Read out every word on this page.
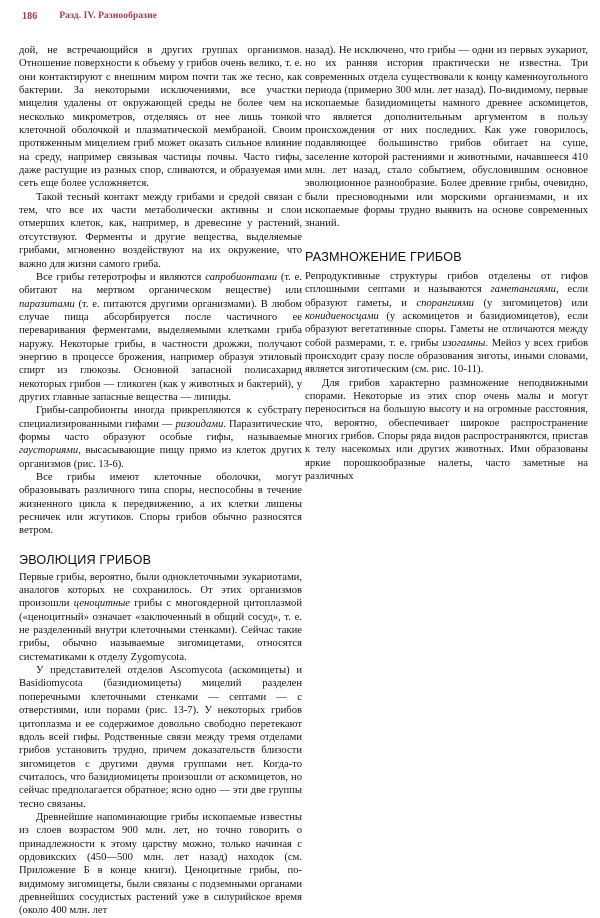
186 Разд. IV. Разнообразие

дой, не встречающийся в других группах организмов. Отношение поверхности к объему у грибов очень велико, т. е. они контактируют с внешним миром почти так же тесно, как бактерии. За некоторыми исключениями, все участки мицелия удалены от окружающей среды не более чем на несколько микрометров, отделяясь от нее лишь тонкой клеточной оболочкой и плазматической мембраной. Своим протяженным мицелием гриб может оказать сильное влияние на среду, например связывая частицы почвы. Часто гифы, даже растущие из разных спор, сливаются, и образуемая ими сеть еще более усложняется.

Такой тесный контакт между грибами и средой связан с тем, что все их части метаболически активны и слои отмерших клеток, как, например, в древесине у растений, отсутствуют. Ферменты и другие вещества, выделяемые грибами, мгновенно воздействуют на их окружение, что важно для жизни самого гриба.

Все грибы гетеротрофы и являются сапробионтами (т. е. обитают на мертвом органическом веществе) или паразитами (т. е. питаются другими организмами). В любом случае пища абсорбируется после частичного ее переваривания ферментами, выделяемыми клетками гриба наружу. Некоторые грибы, в частности дрожжи, получают энергию в процессе брожения, например образуя этиловый спирт из глюкозы. Основной запасной полисахарид некоторых грибов — гликоген (как у животных и бактерий), у других главные запасные вещества — липиды.

Грибы-сапробионты иногда прикрепляются к субстрату специализированными гифами — ризоидами. Паразитические формы часто образуют особые гифы, называемые гаусториями, высасывающие пищу прямо из клеток других организмов (рис. 13-6).

Все грибы имеют клеточные оболочки, могут образовывать различного типа споры, неспособны в течение жизненного цикла к передвижению, а их клетки лишены ресничек или жгутиков. Споры грибов обычно разносятся ветром.

ЭВОЛЮЦИЯ ГРИБОВ

Первые грибы, вероятно, были одноклеточными эукариотами, аналогов которых не сохранилось. От этих организмов произошли ценоцитные грибы с многоядерной цитоплазмой («ценоцитный» означает «заключенный в общий сосуд», т. е. не разделенный внутри клеточными стенками). Сейчас такие грибы, обычно называемые зигомицетами, относятся систематиками к отделу Zygomycota.

У представителей отделов Ascomycota (аскомицеты) и Basidiomycota (базидиомицеты) мицелий разделен поперечными клеточными стенками — септами — с отверстиями, или порами (рис. 13-7). У некоторых грибов цитоплазма и ее содержимое довольно свободно перетекают вдоль всей гифы. Родственные связи между тремя отделами грибов установить трудно, причем доказательств близости зигомицетов с другими двумя группами нет. Когда-то считалось, что базидиомицеты произошли от аскомицетов, но сейчас предполагается обратное; ясно одно — эти две группы тесно связаны.

Древнейшие напоминающие грибы ископаемые известны из слоев возрастом 900 млн. лет, но точно говорить о принадлежности к этому царству можно, только начиная с ордовикских (450—500 млн. лет назад) находок (см. Приложение Б в конце книги). Ценоцитные грибы, по-видимому зигомицеты, были связаны с подземными органами древнейших сосудистых растений уже в силурийское время (около 400 млн. лет

назад). Не исключено, что грибы — одни из первых эукариот, но их ранняя история практически не известна. Три современных отдела существовали к концу каменноугольного периода (примерно 300 млн. лет назад). По-видимому, первые ископаемые базидиомицеты намного древнее аскомицетов, что является дополнительным аргументом в пользу происхождения от них последних. Как уже говорилось, подавляющее большинство грибов обитает на суше, заселение которой растениями и животными, начавшееся 410 млн. лет назад, стало событием, обусловившим основное эволюционное разнообразие. Более древние грибы, очевидно, были пресноводными или морскими организмами, и их ископаемые формы трудно выявить на основе современных знаний.

РАЗМНОЖЕНИЕ ГРИБОВ

Репродуктивные структуры грибов отделены от гифов сплошными септами и называются гаметангиями, если образуют гаметы, и спорангиями (у зигомицетов) или конидиеносцами (у аскомицетов и базидиомицетов), если образуют вегетативные споры. Гаметы не отличаются между собой размерами, т. е. грибы изогамны. Мейоз у всех грибов происходит сразу после образования зиготы, иными словами, является зиготическим (см. рис. 10-11).

Для грибов характерно размножение неподвижными спорами. Некоторые из этих спор очень малы и могут переноситься на большую высоту и на огромные расстояния, что, вероятно, обеспечивает широкое распространение многих грибов. Споры ряда видов распространяются, пристав к телу насекомых или других животных. Ими образованы яркие порошкообразные налеты, часто заметные на различных
